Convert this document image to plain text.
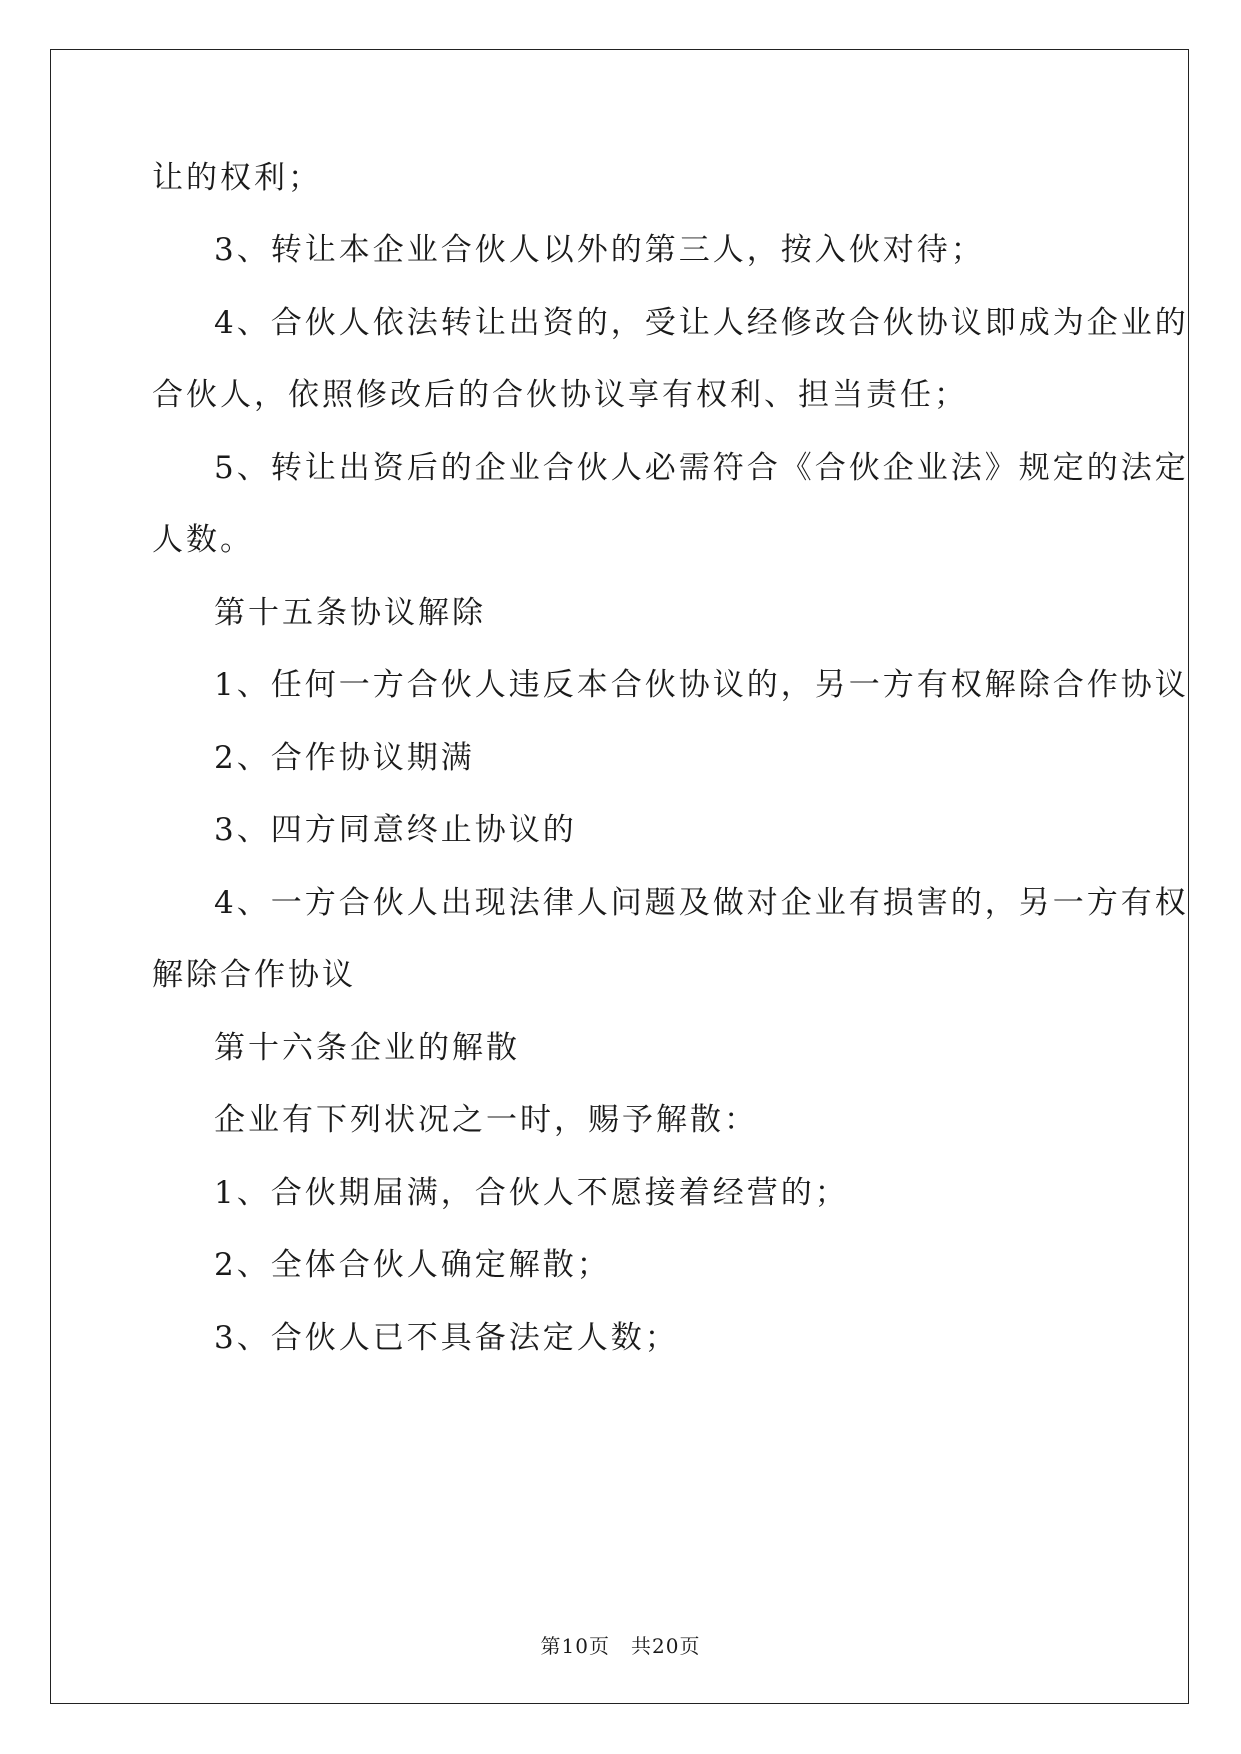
让的权利；
3、转让本企业合伙人以外的第三人，按入伙对待；
4、合伙人依法转让出资的，受让人经修改合伙协议即成为企业的
合伙人，依照修改后的合伙协议享有权利、担当责任；
5、转让出资后的企业合伙人必需符合《合伙企业法》规定的法定
人数。
第十五条协议解除
1、任何一方合伙人违反本合伙协议的，另一方有权解除合作协议
2、合作协议期满
3、四方同意终止协议的
4、一方合伙人出现法律人问题及做对企业有损害的，另一方有权
解除合作协议
第十六条企业的解散
企业有下列状况之一时，赐予解散：
1、合伙期届满，合伙人不愿接着经营的；
2、全体合伙人确定解散；
3、合伙人已不具备法定人数；
第10页　共20页
